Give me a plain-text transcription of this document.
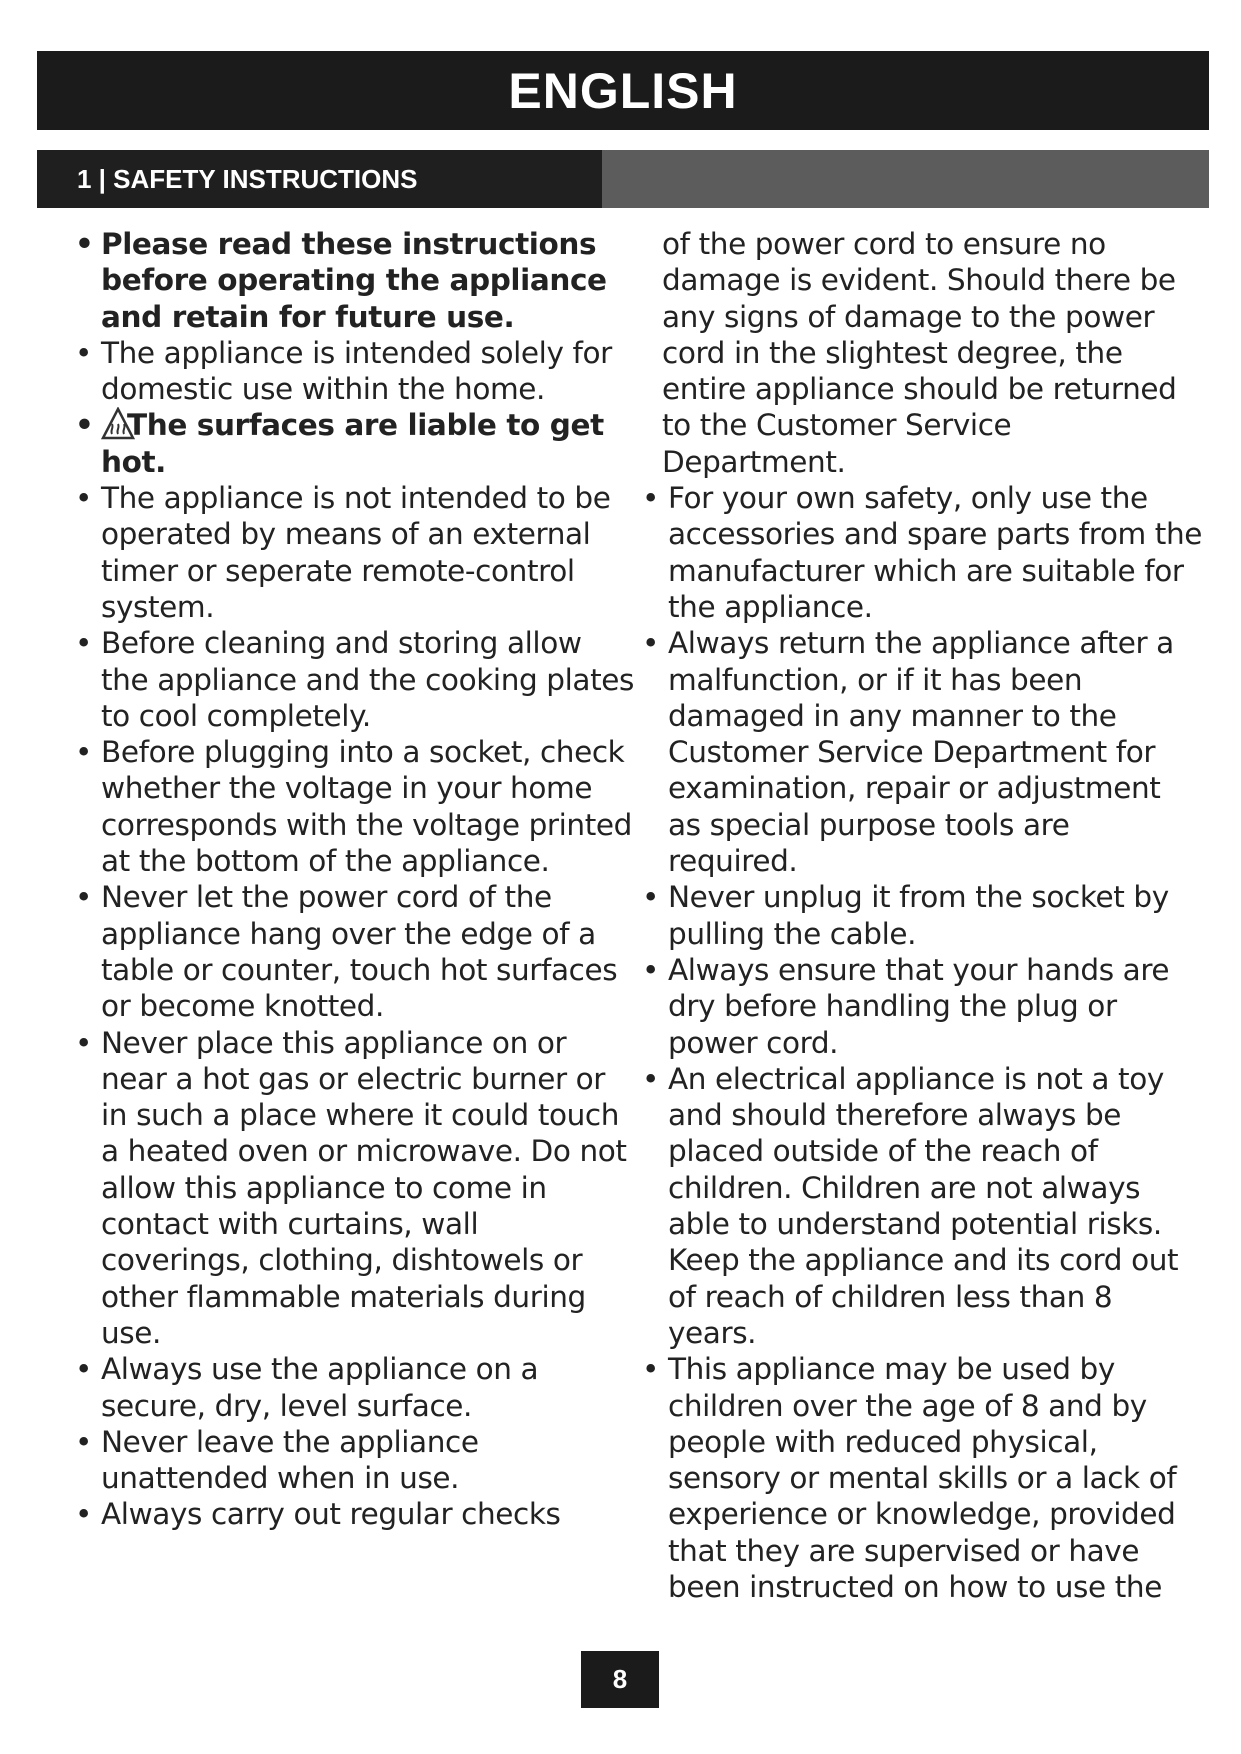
ENGLISH
1 | SAFETY INSTRUCTIONS
• Please read these instructions before operating the appliance and retain for future use.
• The appliance is intended solely for domestic use within the home.
• The surfaces are liable to get hot.
• The appliance is not intended to be operated by means of an external timer or seperate remote-control system.
• Before cleaning and storing allow the appliance and the cooking plates to cool completely.
• Before plugging into a socket, check whether the voltage in your home corresponds with the voltage printed at the bottom of the appliance.
• Never let the power cord of the appliance hang over the edge of a table or counter, touch hot surfaces or become knotted.
• Never place this appliance on or near a hot gas or electric burner or in such a place where it could touch a heated oven or microwave. Do not allow this appliance to come in contact with curtains, wall coverings, clothing, dishtowels or other flammable materials during use.
• Always use the appliance on a secure, dry, level surface.
• Never leave the appliance unattended when in use.
• Always carry out regular checks
of the power cord to ensure no damage is evident. Should there be any signs of damage to the power cord in the slightest degree, the entire appliance should be returned to the Customer Service Department.
• For your own safety, only use the accessories and spare parts from the manufacturer which are suitable for the appliance.
• Always return the appliance after a malfunction, or if it has been damaged in any manner to the Customer Service Department for examination, repair or adjustment as special purpose tools are required.
• Never unplug it from the socket by pulling the cable.
• Always ensure that your hands are dry before handling the plug or power cord.
• An electrical appliance is not a toy and should therefore always be placed outside of the reach of children. Children are not always able to understand potential risks. Keep the appliance and its cord out of reach of children less than 8 years.
• This appliance may be used by children over the age of 8 and by people with reduced physical, sensory or mental skills or a lack of experience or knowledge, provided that they are supervised or have been instructed on how to use the
8
